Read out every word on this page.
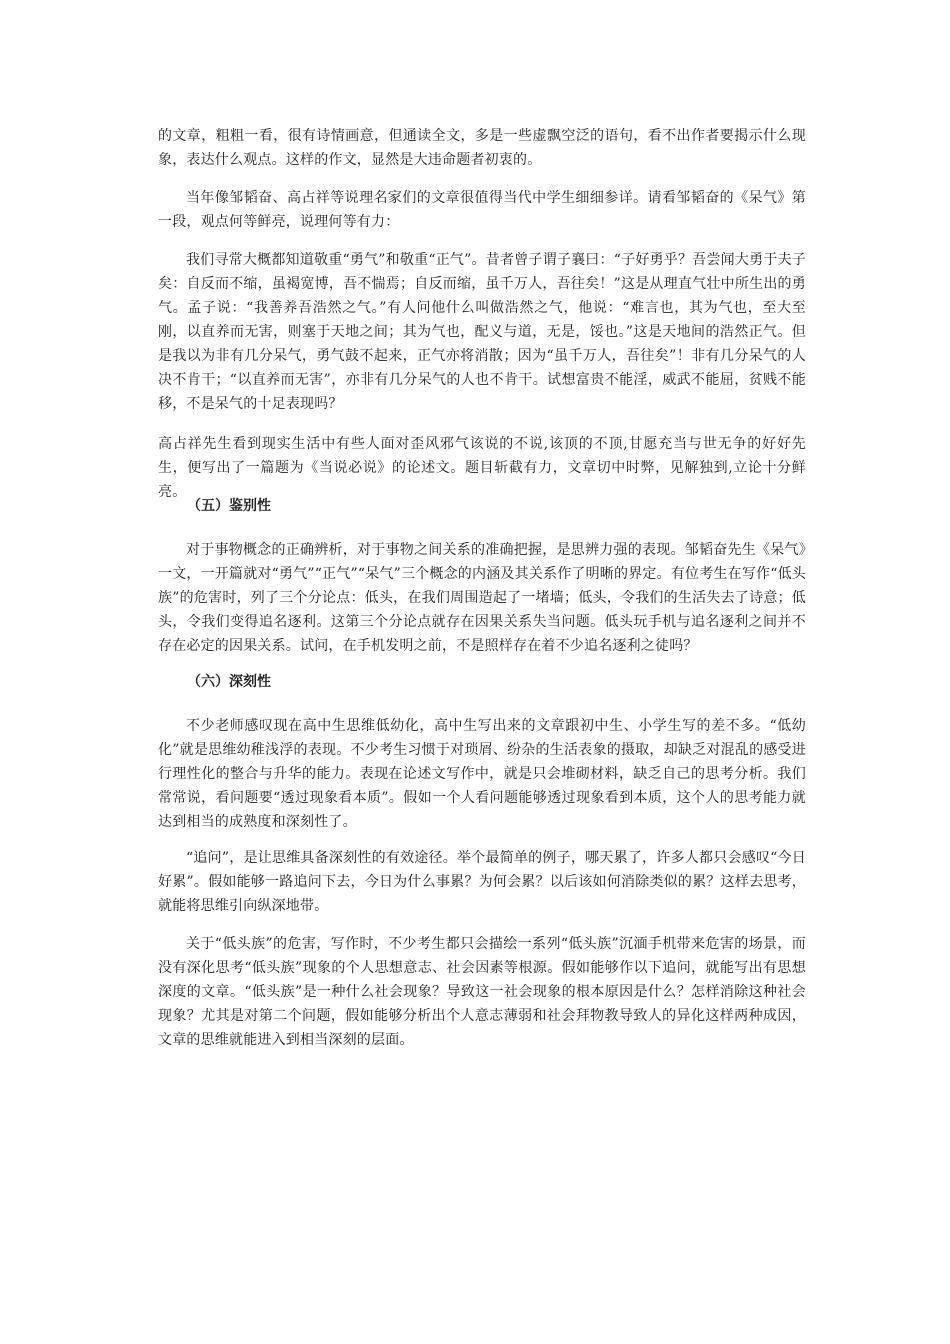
的文章，粗粗一看，很有诗情画意，但通读全文，多是一些虚飘空泛的语句，看不出作者要揭示什么现象，表达什么观点。这样的作文，显然是大违命题者初衷的。

当年像邹韬奋、高占祥等说理名家们的文章很值得当代中学生细细参详。请看邹韬奋的《呆气》第一段，观点何等鲜亮，说理何等有力：

我们寻常大概都知道敬重“勇气”和敬重“正气”。昔者曾子谓子襄曰：“子好勇乎？吾尝闻大勇于夫子矣：自反而不缩，虽褐宽博，吾不惴焉；自反而缩，虽千万人，吾往矣！”这是从理直气壮中所生出的勇气。孟子说：“我善养吾浩然之气。”有人问他什么叫做浩然之气，他说：“难言也，其为气也，至大至刚，以直养而无害，则塞于天地之间；其为气也，配义与道，无是，馁也。”这是天地间的浩然正气。但是我以为非有几分呆气，勇气鼓不起来，正气亦将消散；因为“虽千万人，吾往矣”！非有几分呆气的人决不肯干；“以直养而无害”，亦非有几分呆气的人也不肯干。试想富贵不能淫，威武不能屈，贫贱不能移，不是呆气的十足表现吗？

高占祥先生看到现实生活中有些人面对歪风邪气该说的不说,该顶的不顶,甘愿充当与世无争的好好先生，便写出了一篇题为《当说必说》的论述文。题目斩截有力，文章切中时弊，见解独到,立论十分鲜亮。

（五）鉴别性

对于事物概念的正确辨析，对于事物之间关系的准确把握，是思辨力强的表现。邹韬奋先生《呆气》一文，一开篇就对“勇气”“正气”“呆气”三个概念的内涵及其关系作了明晰的界定。有位考生在写作“低头族”的危害时，列了三个分论点：低头，在我们周围造起了一堵墙；低头，令我们的生活失去了诗意；低头，令我们变得追名逐利。这第三个分论点就存在因果关系失当问题。低头玩手机与追名逐利之间并不存在必定的因果关系。试问，在手机发明之前，不是照样存在着不少追名逐利之徒吗？

（六）深刻性

不少老师感叹现在高中生思维低幼化，高中生写出来的文章跟初中生、小学生写的差不多。“低幼化”就是思维幼稚浅浮的表现。不少考生习惯于对琐屑、纷杂的生活表象的摄取，却缺乏对混乱的感受进行理性化的整合与升华的能力。表现在论述文写作中，就是只会堆砌材料，缺乏自己的思考分析。我们常常说，看问题要“透过现象看本质”。假如一个人看问题能够透过现象看到本质，这个人的思考能力就达到相当的成熟度和深刻性了。

“追问”，是让思维具备深刻性的有效途径。举个最简单的例子，哪天累了，许多人都只会感叹“今日好累”。假如能够一路追问下去，今日为什么事累？为何会累？以后该如何消除类似的累？这样去思考，就能将思维引向纵深地带。

关于“低头族”的危害，写作时，不少考生都只会描绘一系列“低头族”沉湎手机带来危害的场景，而没有深化思考“低头族”现象的个人思想意志、社会因素等根源。假如能够作以下追问，就能写出有思想深度的文章。“低头族”是一种什么社会现象？导致这一社会现象的根本原因是什么？怎样消除这种社会现象？尤其是对第二个问题，假如能够分析出个人意志薄弱和社会拜物教导致人的异化这样两种成因，文章的思维就能进入到相当深刻的层面。
